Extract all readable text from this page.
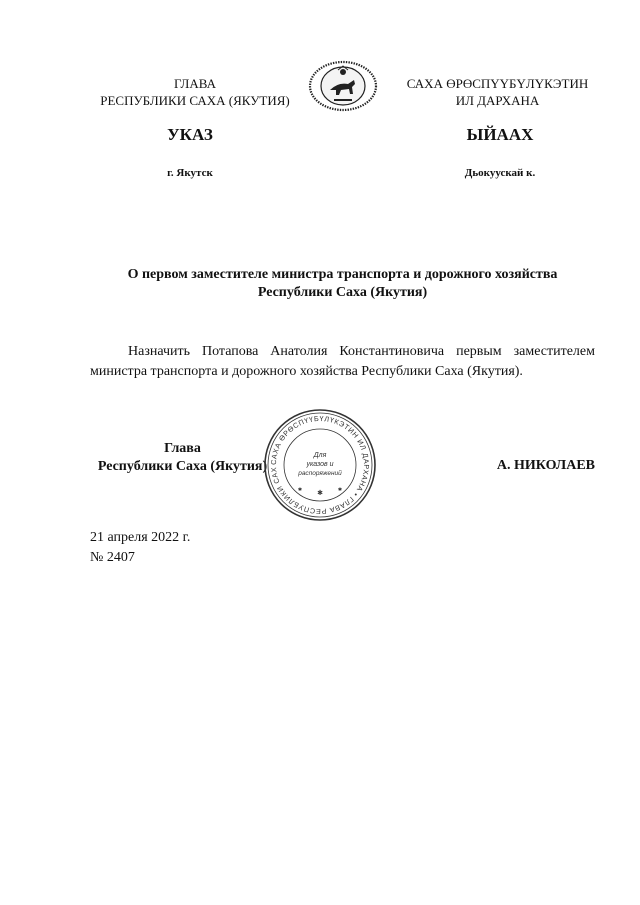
ГЛАВА
РЕСПУБЛИКИ САХА (ЯКУТИЯ)
САХА ӨРӨСПҮҮБҮЛҮКЭТИН
ИЛ ДАРХАНА
УКАЗ	ЫЙААХ
г. Якутск	Дьокуускай к.
О первом заместителе министра транспорта и дорожного хозяйства
Республики Саха (Якутия)
Назначить Потапова Анатолия Константиновича первым заместителем министра транспорта и дорожного хозяйства Республики Саха (Якутия).
Глава
Республики Саха (Якутия) САХА ӨРӨСПҮҮБҮЛҮКЭТИН ИЛ ДАРХАНА • ГЛАВА РЕСПУБЛИКИ САХ
Для
указов и
распоряжений
✱
✱	✱
А. НИКОЛАЕВ
21 апреля 2022 г.
№ 2407
